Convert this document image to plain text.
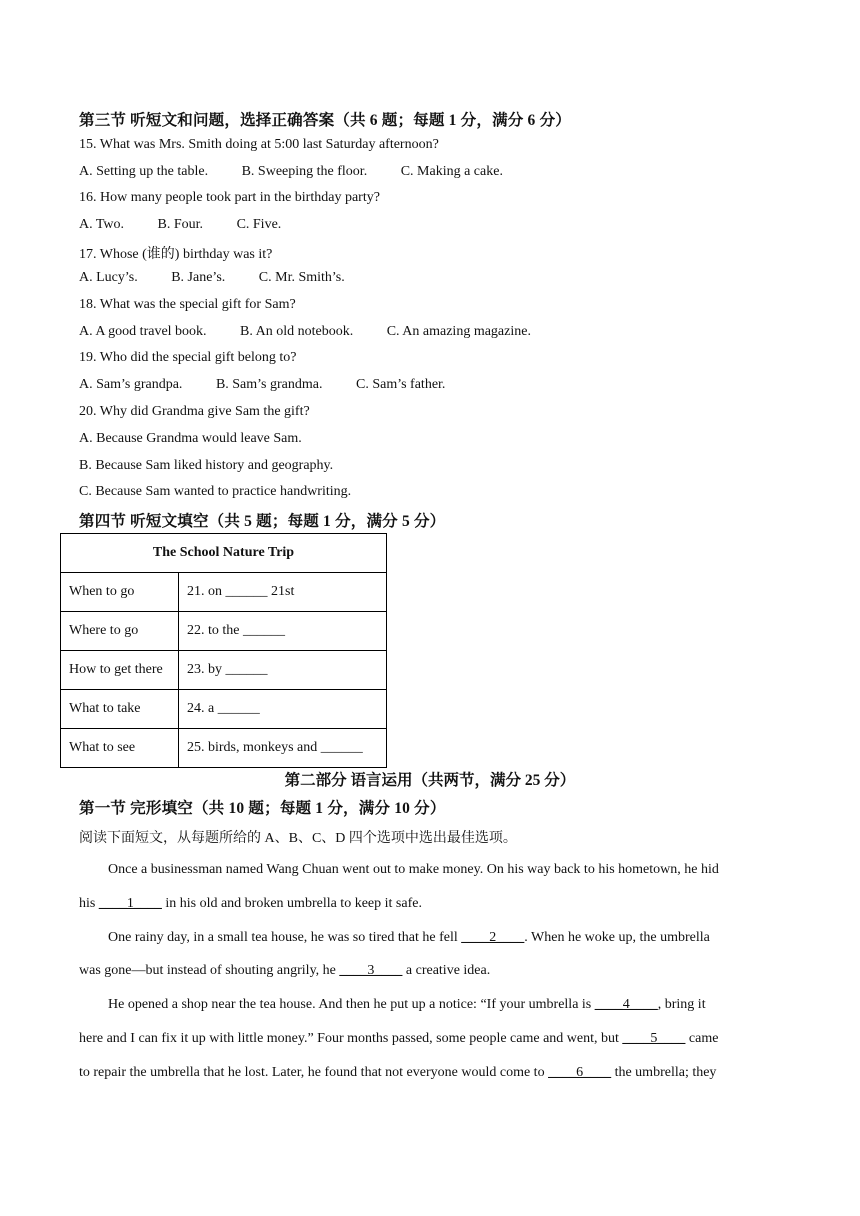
第三节 听短文和问题，选择正确答案（共 6 题；每题 1 分，满分 6 分）
15. What was Mrs. Smith doing at 5:00 last Saturday afternoon?
A. Setting up the table. B. Sweeping the floor. C. Making a cake.
16. How many people took part in the birthday party?
A. Two. B. Four. C. Five.
17. Whose (谁的) birthday was it?
A. Lucy’s. B. Jane’s. C. Mr. Smith’s.
18. What was the special gift for Sam?
A. A good travel book. B. An old notebook. C. An amazing magazine.
19. Who did the special gift belong to?
A. Sam’s grandpa. B. Sam’s grandma. C. Sam’s father.
20. Why did Grandma give Sam the gift?
A. Because Grandma would leave Sam.
B. Because Sam liked history and geography.
C. Because Sam wanted to practice handwriting.
第四节 听短文填空（共 5 题；每题 1 分，满分 5 分）
The School Nature Trip	
When to go	21. on ______ 21st
Where to go	22. to the ______
How to get there	23. by ______
What to take	24. a ______
What to see	25. birds, monkeys and ______
第二部分 语言运用（共两节，满分 25 分）
第一节 完形填空（共 10 题；每题 1 分，满分 10 分）
阅读下面短文，从每题所给的 A、B、C、D 四个选项中选出最佳选项。
Once a businessman named Wang Chuan went out to make money. On his way back to his hometown, he hid
his ____1____ in his old and broken umbrella to keep it safe.
One rainy day, in a small tea house, he was so tired that he fell ____2____. When he woke up, the umbrella
was gone—but instead of shouting angrily, he ____3____ a creative idea.
He opened a shop near the tea house. And then he put up a notice: “If your umbrella is ____4____, bring it
here and I can fix it up with little money.” Four months passed, some people came and went, but ____5____ came
to repair the umbrella that he lost. Later, he found that not everyone would come to ____6____ the umbrella; they
